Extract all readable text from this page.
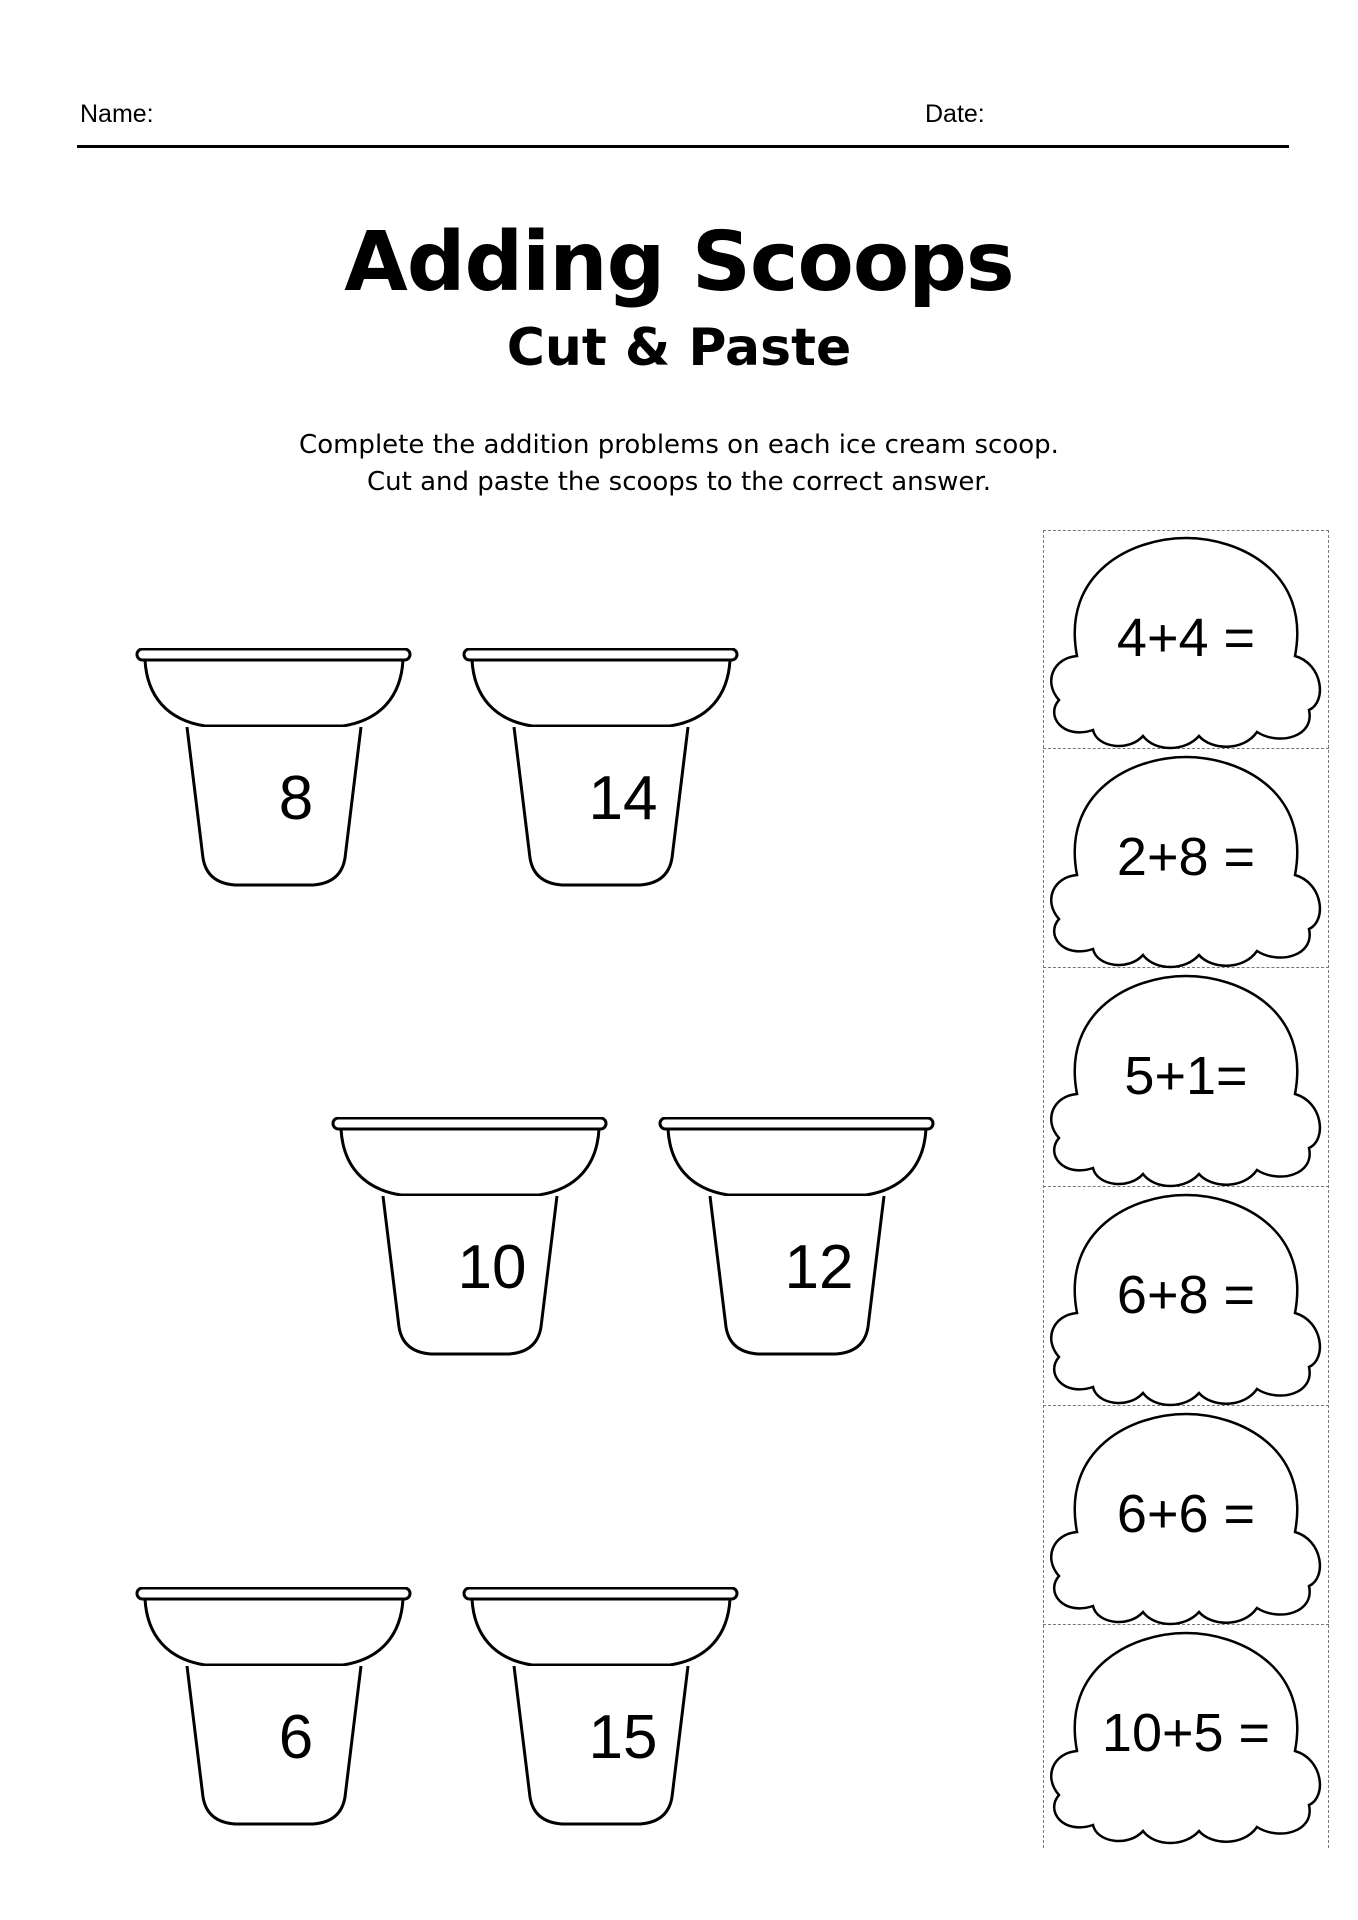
Name:	Date:
Adding Scoops
Cut & Paste
Complete the addition problems on each ice cream scoop.
Cut and paste the scoops to the correct answer.
8	14
10	12
6	15
4+4 =
2+8 =
5+1=
6+8 =
6+6 =
10+5 =
